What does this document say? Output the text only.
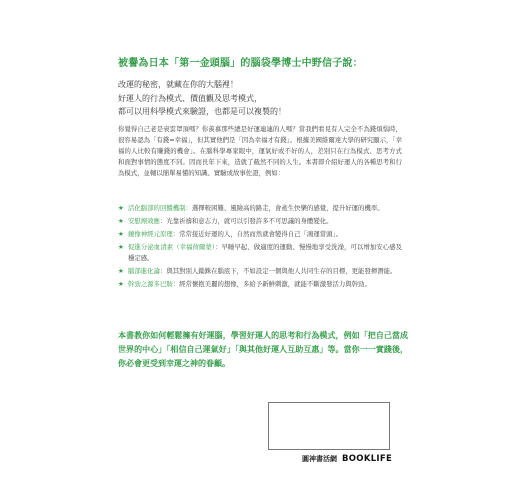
被譽為日本「第一金頭腦」的腦袋學博士中野信子說：
改運的秘密，就藏在你的大腦裡！
好運人的行為模式、價值觀及思考模式，
都可以用科學模式來驗證，也都是可以複製的！
你覺得自己老是衰雲罩頂嗎？你羨慕那些總是好運連連的人嗎？當我們看見有人完全不為錢煩惱時，很容易認為「有錢=幸福」，但其實他們是「因為幸福才有錢」。根據美國維爾達大學的研究顯示，「幸福的人比較有賺錢的機會」。在腦科學專家眼中，運氣好或不好的人，差別只在行為模式、思考方式和面對事情的態度不同。因而長年下來，造就了截然不同的人生。本書即介紹好運人的各種思考和行為模式，並輔以簡單易懂的知識、實驗或故事佐證，例如：
★ 活化腦部的回饋機制：選擇較困難、風險高的路走，會產生快樂的感覺，提升好運的機率。
★ 安慰劑效應：光靠祈禱和意志力，就可以引發許多不可思議的身體變化。
★ 鏡像神經元原理：常常接近好運的人，自然而然就會變得自己「鴻運當頭」。
★ 促進分泌血清素（幸福荷爾蒙）：早睡早起、做適度的運動、慢慢地享受洗澡，可以增加安心感及穩定感。
★ 腦部進化論：與其對別人錙銖在腦底下，不如設定一個與他人共同生存的目標，更能發揮潛能。
★ 幹勁之源多巴胺：經常懷抱美麗的想像，多給予新鮮刺激，就能不斷激發活力與幹勁。
本書教你如何輕鬆擁有好運腦，學習好運人的思考和行為模式，例如「把自己當成世界的中心」「相信自己運氣好」「與其他好運人互助互惠」等。當你一一實踐後，你必會更受到幸運之神的眷顧。
圓神書活網 BOOKLIFE
